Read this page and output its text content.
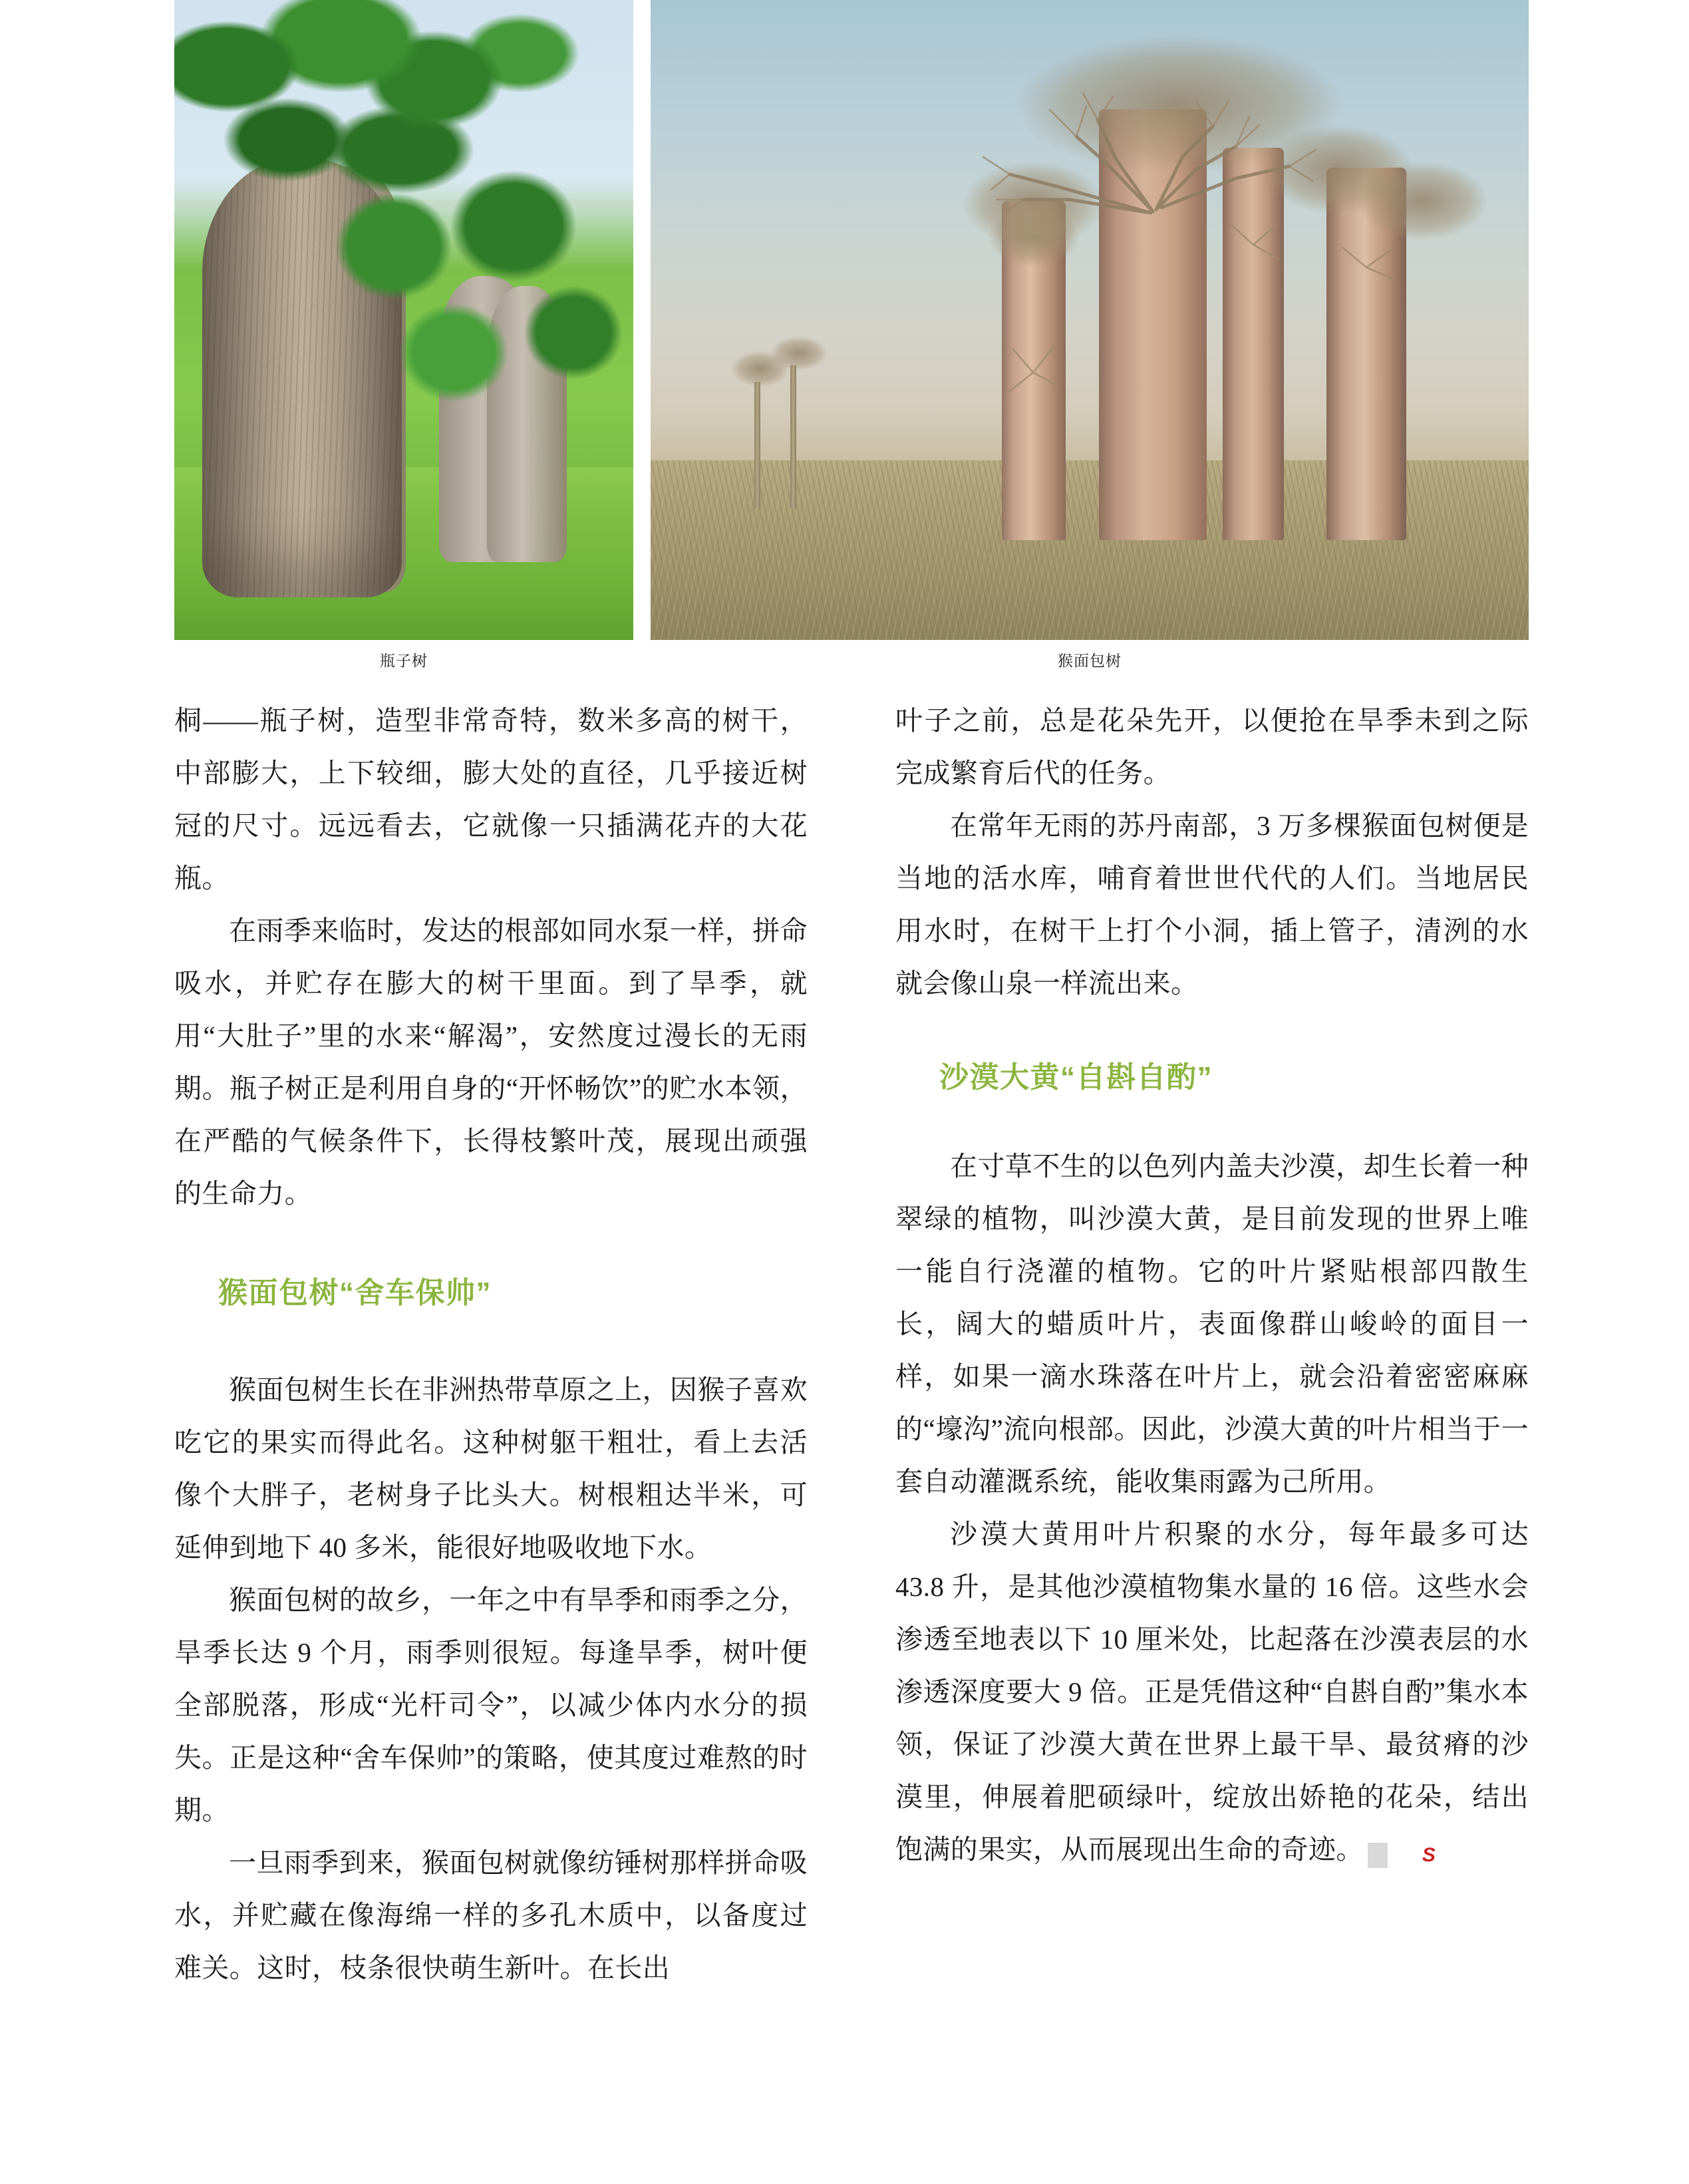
瓶子树	猴面包树

桐——瓶子树，造型非常奇特，数米多高的树干，中部膨大，上下较细，膨大处的直径，几乎接近树冠的尺寸。远远看去，它就像一只插满花卉的大花瓶。

在雨季来临时，发达的根部如同水泵一样，拼命吸水，并贮存在膨大的树干里面。到了旱季，就用“大肚子”里的水来“解渴”，安然度过漫长的无雨期。瓶子树正是利用自身的“开怀畅饮”的贮水本领，在严酷的气候条件下，长得枝繁叶茂，展现出顽强的生命力。

猴面包树“舍车保帅”

猴面包树生长在非洲热带草原之上，因猴子喜欢吃它的果实而得此名。这种树躯干粗壮，看上去活像个大胖子，老树身子比头大。树根粗达半米，可延伸到地下 40 多米，能很好地吸收地下水。

猴面包树的故乡，一年之中有旱季和雨季之分，旱季长达 9 个月，雨季则很短。每逢旱季，树叶便全部脱落，形成“光杆司令”，以减少体内水分的损失。正是这种“舍车保帅”的策略，使其度过难熬的时期。

一旦雨季到来，猴面包树就像纺锤树那样拼命吸水，并贮藏在像海绵一样的多孔木质中，以备度过难关。这时，枝条很快萌生新叶。在长出

叶子之前，总是花朵先开，以便抢在旱季未到之际完成繁育后代的任务。

在常年无雨的苏丹南部，3 万多棵猴面包树便是当地的活水库，哺育着世世代代的人们。当地居民用水时，在树干上打个小洞，插上管子，清洌的水就会像山泉一样流出来。

沙漠大黄“自斟自酌”

在寸草不生的以色列内盖夫沙漠，却生长着一种翠绿的植物，叫沙漠大黄，是目前发现的世界上唯一能自行浇灌的植物。它的叶片紧贴根部四散生长，阔大的蜡质叶片，表面像群山峻岭的面目一样，如果一滴水珠落在叶片上，就会沿着密密麻麻的“壕沟”流向根部。因此，沙漠大黄的叶片相当于一套自动灌溉系统，能收集雨露为己所用。

沙漠大黄用叶片积聚的水分，每年最多可达 43.8 升，是其他沙漠植物集水量的 16 倍。这些水会渗透至地表以下 10 厘米处，比起落在沙漠表层的水渗透深度要大 9 倍。正是凭借这种“自斟自酌”集水本领，保证了沙漠大黄在世界上最干旱、最贫瘠的沙漠里，伸展着肥硕绿叶，绽放出娇艳的花朵，结出饱满的果实，从而展现出生命的奇迹。	S
